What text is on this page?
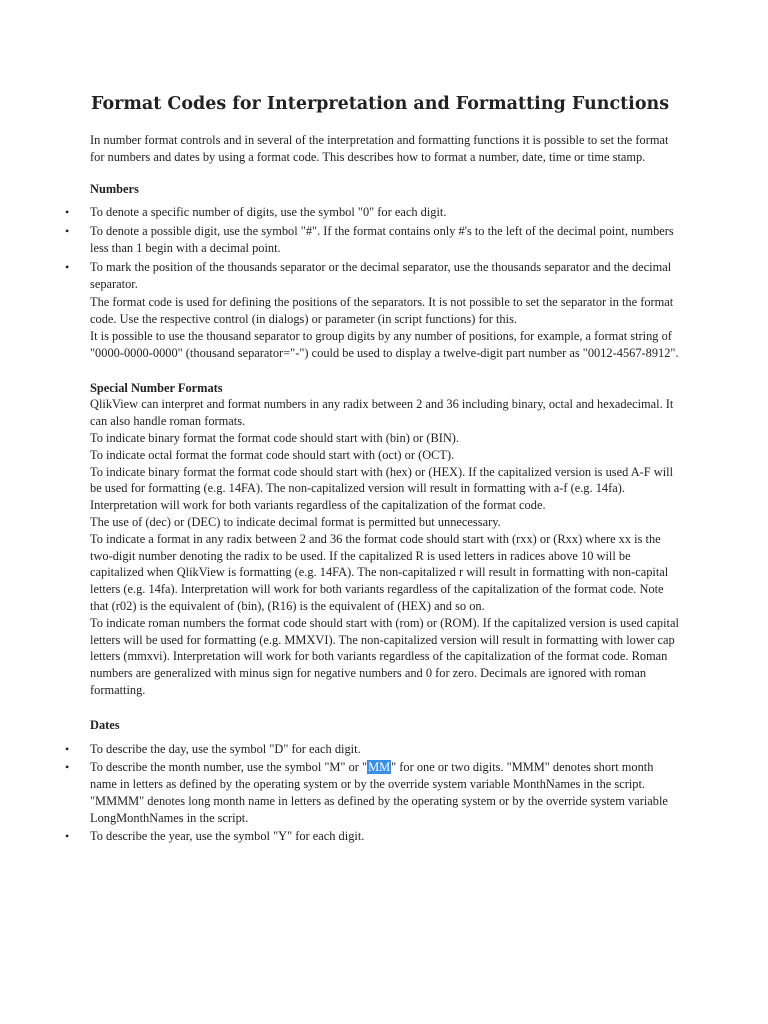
Format Codes for Interpretation and Formatting Functions

In number format controls and in several of the interpretation and formatting functions it is possible to set the format for numbers and dates by using a format code. This describes how to format a number, date, time or time stamp.

Numbers

• To denote a specific number of digits, use the symbol "0" for each digit.
• To denote a possible digit, use the symbol "#". If the format contains only #'s to the left of the decimal point, numbers less than 1 begin with a decimal point.
• To mark the position of the thousands separator or the decimal separator, use the thousands separator and the decimal separator.

The format code is used for defining the positions of the separators. It is not possible to set the separator in the format code. Use the respective control (in dialogs) or parameter (in script functions) for this.

It is possible to use the thousand separator to group digits by any number of positions, for example, a format string of "0000-0000-0000" (thousand separator="-") could be used to display a twelve-digit part number as "0012-4567-8912".

Special Number Formats

QlikView can interpret and format numbers in any radix between 2 and 36 including binary, octal and hexadecimal. It can also handle roman formats.

To indicate binary format the format code should start with (bin) or (BIN).

To indicate octal format the format code should start with (oct) or (OCT).

To indicate binary format the format code should start with (hex) or (HEX). If the capitalized version is used A-F will be used for formatting (e.g. 14FA). The non-capitalized version will result in formatting with a-f (e.g. 14fa). Interpretation will work for both variants regardless of the capitalization of the format code.

The use of (dec) or (DEC) to indicate decimal format is permitted but unnecessary.

To indicate a format in any radix between 2 and 36 the format code should start with (rxx) or (Rxx) where xx is the two-digit number denoting the radix to be used. If the capitalized R is used letters in radices above 10 will be capitalized when QlikView is formatting (e.g. 14FA). The non-capitalized r will result in formatting with non-capital letters (e.g. 14fa). Interpretation will work for both variants regardless of the capitalization of the format code. Note that (r02) is the equivalent of (bin), (R16) is the equivalent of (HEX) and so on.

To indicate roman numbers the format code should start with (rom) or (ROM). If the capitalized version is used capital letters will be used for formatting (e.g. MMXVI). The non-capitalized version will result in formatting with lower cap letters (mmxvi). Interpretation will work for both variants regardless of the capitalization of the format code. Roman numbers are generalized with minus sign for negative numbers and 0 for zero. Decimals are ignored with roman formatting.

Dates

• To describe the day, use the symbol "D" for each digit.
• To describe the month number, use the symbol "M" or "MM" for one or two digits. "MMM" denotes short month name in letters as defined by the operating system or by the override system variable MonthNames in the script. "MMMM" denotes long month name in letters as defined by the operating system or by the override system variable LongMonthNames in the script.
• To describe the year, use the symbol "Y" for each digit.
